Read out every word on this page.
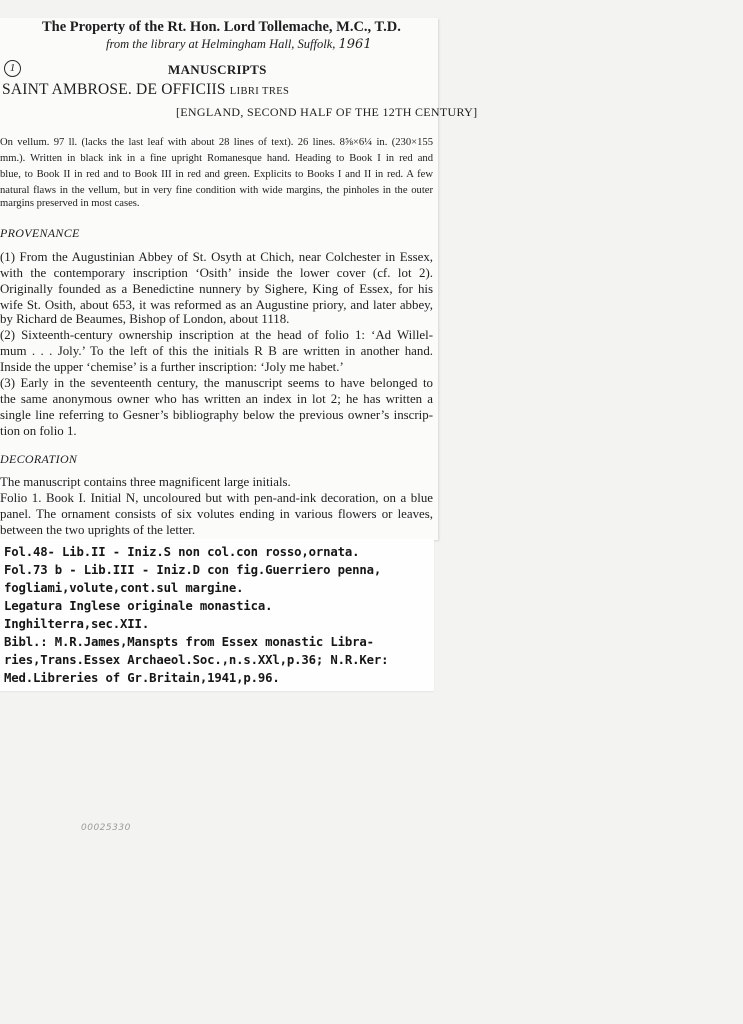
The Property of the Rt. Hon. Lord Tollemache, M.C., T.D.
from the library at Helmingham Hall, Suffolk, 1961
1	MANUSCRIPTS
SAINT AMBROSE. DE OFFICIIS LIBRI TRES
[ENGLAND, SECOND HALF OF THE 12TH CENTURY]
On vellum. 97 ll. (lacks the last leaf with about 28 lines of text). 26 lines. 8⅝×6¼ in. (230×155
mm.). Written in black ink in a fine upright Romanesque hand. Heading to Book I in red and
blue, to Book II in red and to Book III in red and green. Explicits to Books I and II in red. A few
natural flaws in the vellum, but in very fine condition with wide margins, the pinholes in the outer
margins preserved in most cases.
PROVENANCE
(1) From the Augustinian Abbey of St. Osyth at Chich, near Colchester in Essex,
with the contemporary inscription ‘Osith’ inside the lower cover (cf. lot 2).
Originally founded as a Benedictine nunnery by Sighere, King of Essex, for his
wife St. Osith, about 653, it was reformed as an Augustine priory, and later abbey,
by Richard de Beaumes, Bishop of London, about 1118.
(2) Sixteenth-century ownership inscription at the head of folio 1: ‘Ad Willel-
mum . . . Joly.’ To the left of this the initials R B are written in another hand.
Inside the upper ‘chemise’ is a further inscription: ‘Joly me habet.’
(3) Early in the seventeenth century, the manuscript seems to have belonged to
the same anonymous owner who has written an index in lot 2; he has written a
single line referring to Gesner’s bibliography below the previous owner’s inscrip-
tion on folio 1.
DECORATION
The manuscript contains three magnificent large initials.
Folio 1. Book I. Initial N, uncoloured but with pen-and-ink decoration, on a blue
panel. The ornament consists of six volutes ending in various flowers or leaves,
between the two uprights of the letter.
Fol.48- Lib.II - Iniz.S non col.con rosso,ornata.
Fol.73 b - Lib.III - Iniz.D con fig.Guerriero penna,
fogliami,volute,cont.sul margine.
Legatura Inglese originale monastica.
Inghilterra,sec.XII.
Bibl.: M.R.James,Manspts from Essex monastic Libra-
ries,Trans.Essex Archaeol.Soc.,n.s.XXl,p.36; N.R.Ker:
Med.Libreries of Gr.Britain,1941,p.96.
00025330
